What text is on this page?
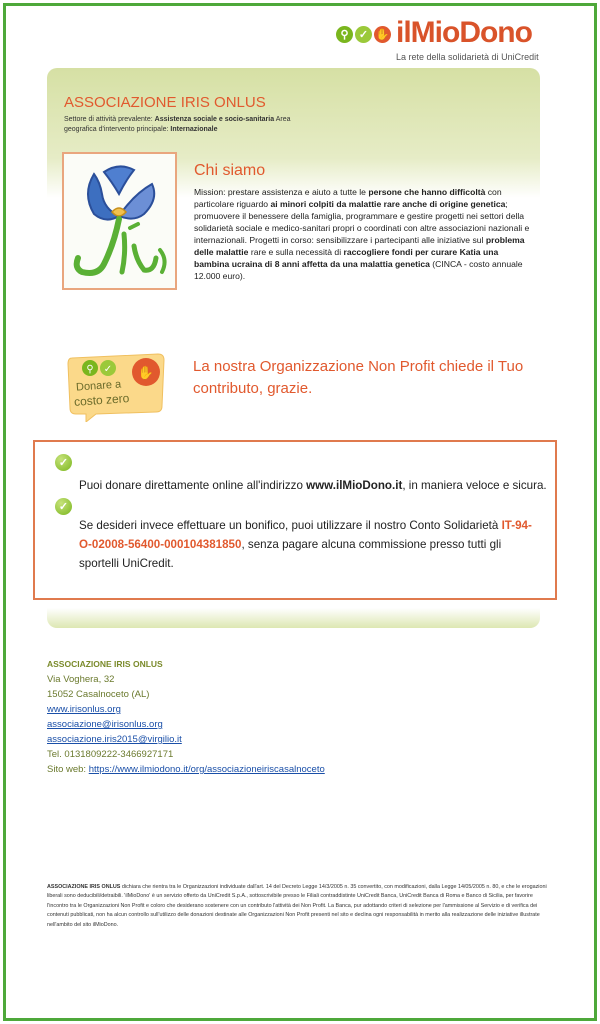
⚲ ✓ ✋ ilMioDono
La rete della solidarietà di UniCredit
ASSOCIAZIONE IRIS ONLUS
Settore di attività prevalente: Assistenza sociale e socio-sanitaria Area geografica d'intervento principale: Internazionale
Chi siamo
Mission: prestare assistenza e aiuto a tutte le persone che hanno difficoltà con particolare riguardo ai minori colpiti da malattie rare anche di origine genetica; promuovere il benessere della famiglia, programmare e gestire progetti nei settori della solidarietà sociale e medico-sanitari propri o coordinati con altre associazioni nazionali e internazionali. Progetti in corso: sensibilizzare i partecipanti alle iniziative sul problema delle malattie rare e sulla necessità di raccogliere fondi per curare Katia una bambina ucraina di 8 anni affetta da una malattia genetica (CINCA - costo annuale 12.000 euro).
⚲ ✓ ✋
Donare a
costo zero
La nostra Organizzazione Non Profit chiede il Tuo contributo, grazie.
✓
Puoi donare direttamente online all'indirizzo www.ilMioDono.it, in maniera veloce e sicura.
✓
Se desideri invece effettuare un bonifico, puoi utilizzare il nostro Conto Solidarietà IT-94-O-02008-56400-000104381850, senza pagare alcuna commissione presso tutti gli sportelli UniCredit.
ASSOCIAZIONE IRIS ONLUS
Via Voghera, 32
15052 Casalnoceto (AL)
www.irisonlus.org
associazione@irisonlus.org
associazione.iris2015@virgilio.it
Tel. 0131809222-3466927171
Sito web: https://www.ilmiodono.it/org/associazioneiriscasalnoceto
ASSOCIAZIONE IRIS ONLUS dichiara che rientra tra le Organizzazioni individuate dall'art. 14 del Decreto Legge 14/3/2005 n. 35 convertito, con modificazioni, dalla Legge 14/05/2005 n. 80, e che le erogazioni liberali sono deducibili/detraibili. 'ilMioDono' è un servizio offerto da UniCredit S.p.A., sottoscrivibile presso le Filiali contraddistinte UniCredit Banca, UniCredit Banca di Roma e Banco di Sicilia, per favorire l'incontro tra le Organizzazioni Non Profit e coloro che desiderano sostenere con un contributo l'attività dei Non Profit. La Banca, pur adottando criteri di selezione per l'ammissione al Servizio e di verifica dei contenuti pubblicati, non ha alcun controllo sull'utilizzo delle donazioni destinate alle Organizzazioni Non Profit presenti nel sito e declina ogni responsabilità in merito alla realizzazione delle iniziative illustrate nell'ambito del sito ilMioDono.
